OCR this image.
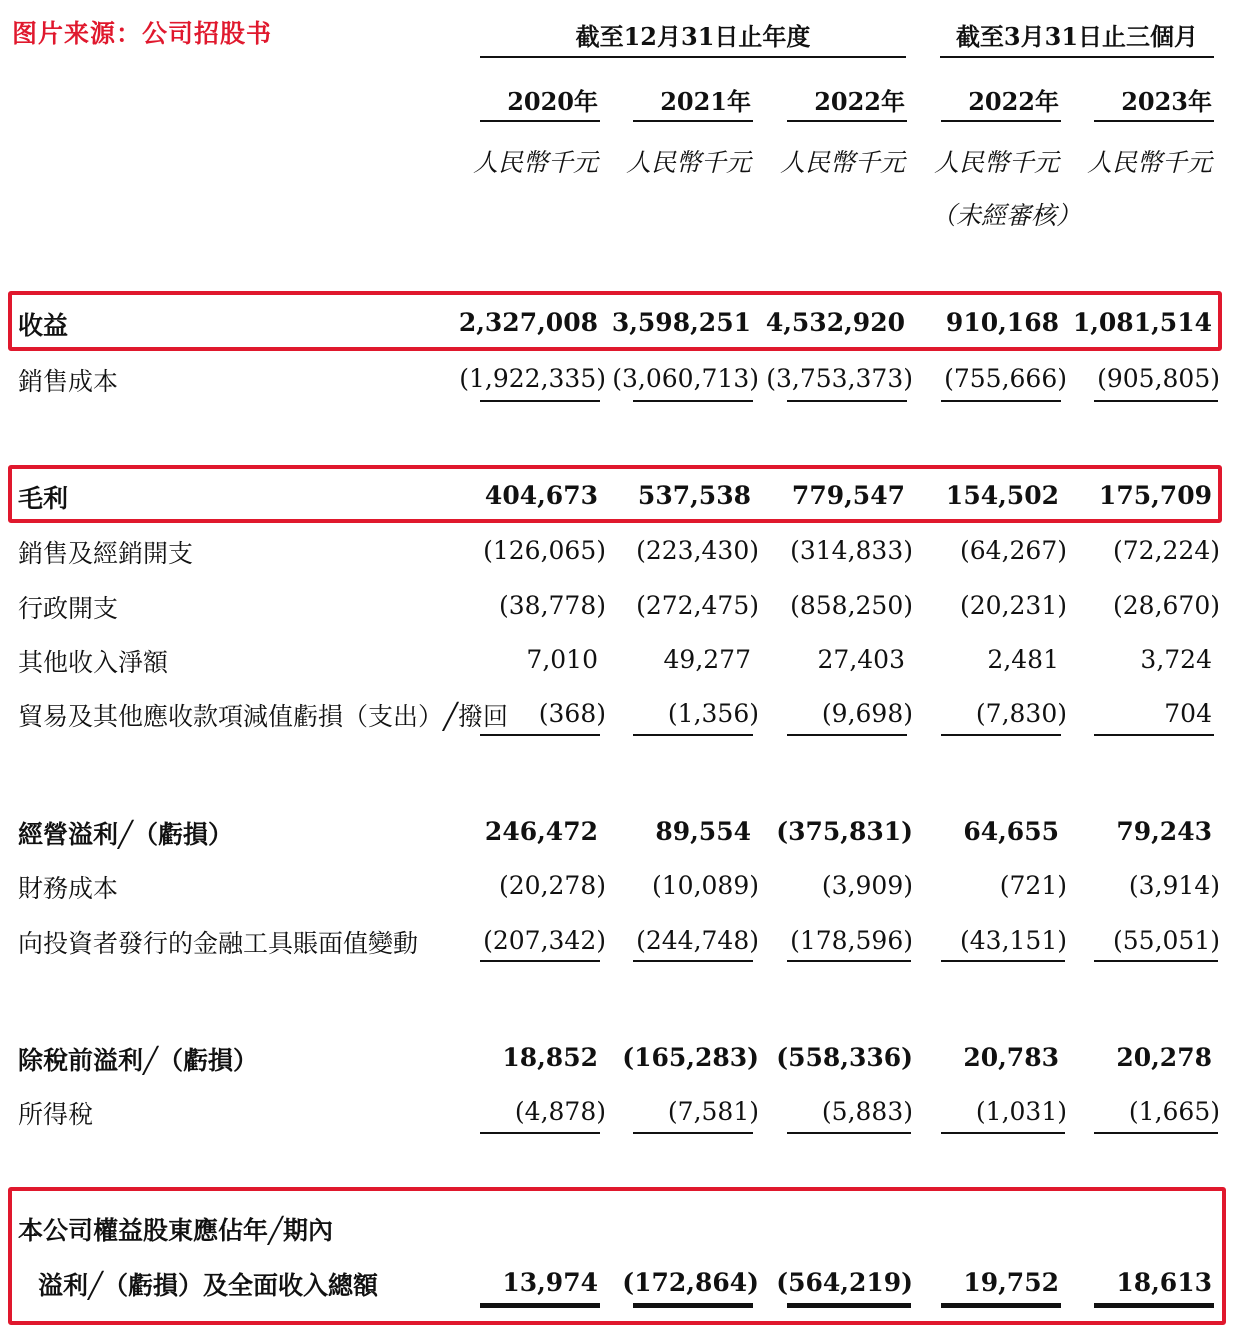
图片来源：公司招股书	截至12月31日止年度	截至3月31日止三個月
2020年	2021年	2022年	2022年	2023年
人民幣千元 人民幣千元 人民幣千元 人民幣千元 人民幣千元
（未經審核）
收益	2,327,008 3,598,251 4,532,920	910,168 1,081,514
銷售成本	(1,922,335) (3,060,713) (3,753,373)	(755,666)	(905,805)
毛利	404,673	537,538	779,547	154,502	175,709
銷售及經銷開支	(126,065)	(223,430)	(314,833)	(64,267)	(72,224)
行政開支	(38,778)	(272,475)	(858,250)	(20,231)	(28,670)
其他收入淨額	7,010	49,277	27,403	2,481	3,724
貿易及其他應收款項減值虧損（支出）╱撥回	(368)	(1,356)	(9,698)	(7,830)	704
經營溢利╱（虧損）	246,472	89,554	(375,831)	64,655	79,243
財務成本	(20,278)	(10,089)	(3,909)	(721)	(3,914)
向投資者發行的金融工具賬面值變動	(207,342)	(244,748)	(178,596)	(43,151)	(55,051)
除稅前溢利╱（虧損）	18,852 (165,283) (558,336)	20,783	20,278
所得稅	(4,878)	(7,581)	(5,883)	(1,031)	(1,665)
本公司權益股東應佔年╱期內
溢利╱（虧損）及全面收入總額	13,974 (172,864) (564,219)	19,752	18,613
